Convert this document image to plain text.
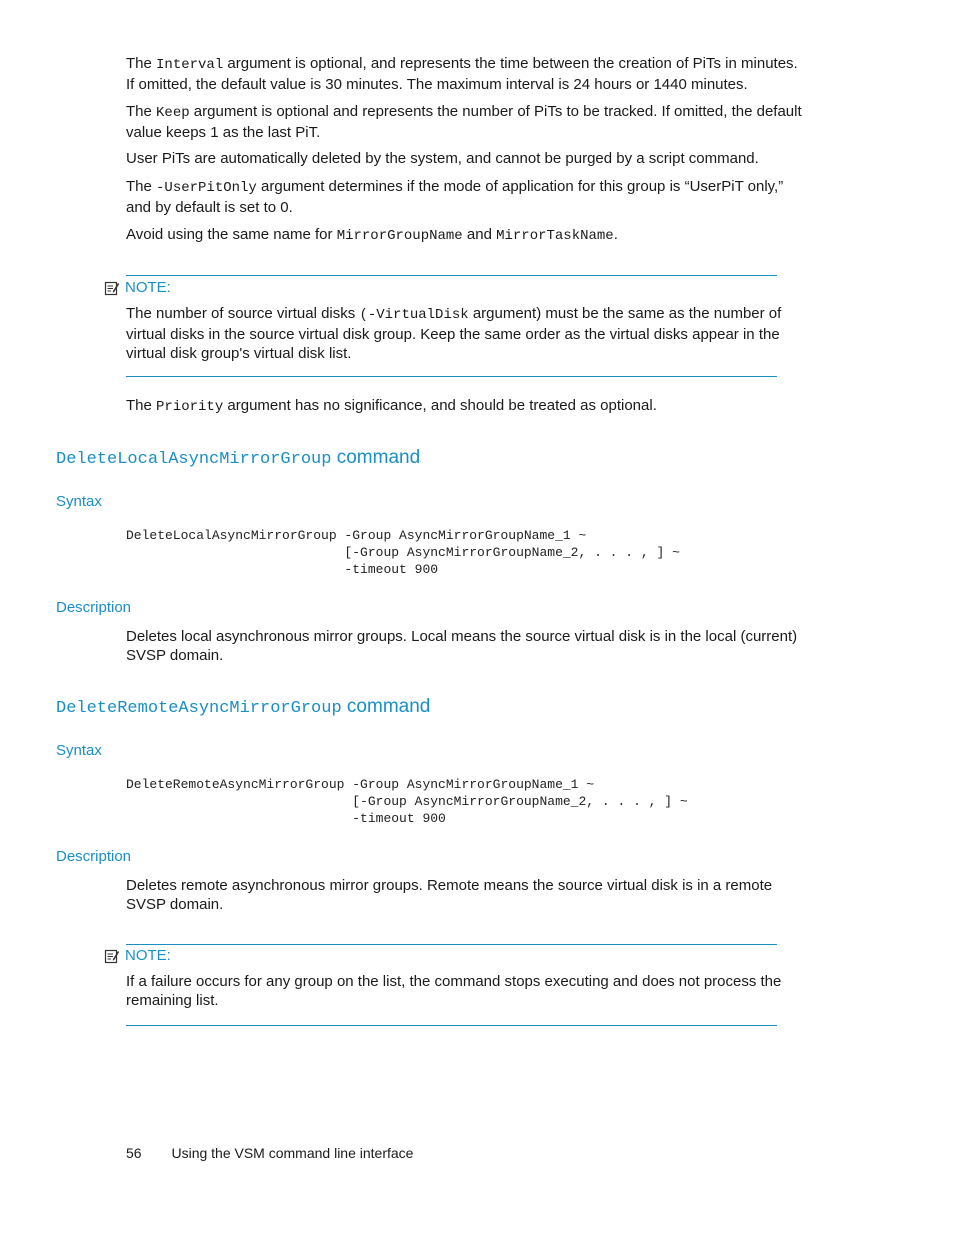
The Interval argument is optional, and represents the time between the creation of PiTs in minutes. If omitted, the default value is 30 minutes. The maximum interval is 24 hours or 1440 minutes.

The Keep argument is optional and represents the number of PiTs to be tracked. If omitted, the default value keeps 1 as the last PiT.

User PiTs are automatically deleted by the system, and cannot be purged by a script command.

The -UserPitOnly argument determines if the mode of application for this group is “UserPiT only,” and by default is set to 0.

Avoid using the same name for MirrorGroupName and MirrorTaskName.

NOTE:

The number of source virtual disks (-VirtualDisk argument) must be the same as the number of virtual disks in the source virtual disk group. Keep the same order as the virtual disks appear in the virtual disk group's virtual disk list.

The Priority argument has no significance, and should be treated as optional.

DeleteLocalAsyncMirrorGroup command
Syntax
DeleteLocalAsyncMirrorGroup -Group AsyncMirrorGroupName_1 ~
[-Group AsyncMirrorGroupName_2, . . . , ] ~
-timeout 900
Description

Deletes local asynchronous mirror groups. Local means the source virtual disk is in the local (current) SVSP domain.

DeleteRemoteAsyncMirrorGroup command
Syntax
DeleteRemoteAsyncMirrorGroup -Group AsyncMirrorGroupName_1 ~
[-Group AsyncMirrorGroupName_2, . . . , ] ~
-timeout 900
Description

Deletes remote asynchronous mirror groups. Remote means the source virtual disk is in a remote SVSP domain.

NOTE:

If a failure occurs for any group on the list, the command stops executing and does not process the remaining list.

56 Using the VSM command line interface
